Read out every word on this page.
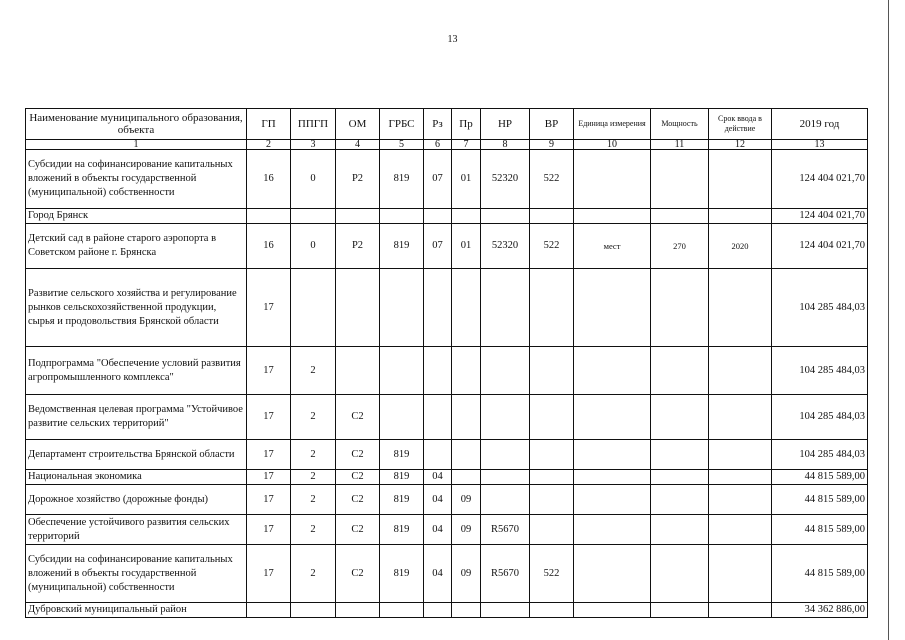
13
Наименование муниципального образования, объекта	ГП	ППГП	ОМ	ГРБС	Рз	Пр	НР	ВР	Единица измерения	Мощность	Срок ввода в действие	2019 год
1	2	3	4	5	6	7	8	9	10	11	12	13
Субсидии на софинансирование капитальных вложений в объекты государственной (муниципальной) собственности	16	0	Р2	819	07	01	52320	522				124 404 021,70
Город Брянск												124 404 021,70
Детский сад в районе старого аэропорта в Советском районе г. Брянска	16	0	Р2	819	07	01	52320	522	мест	270	2020	124 404 021,70
Развитие сельского хозяйства и регулирование рынков сельскохозяйственной продукции, сырья и продовольствия Брянской области	17											104 285 484,03
Подпрограмма "Обеспечение условий развития агропромышленного комплекса"	17	2										104 285 484,03
Ведомственная целевая программа "Устойчивое развитие сельских территорий"	17	2	С2									104 285 484,03
Департамент строительства Брянской области	17	2	С2	819								104 285 484,03
Национальная экономика	17	2	С2	819	04							44 815 589,00
Дорожное хозяйство (дорожные фонды)	17	2	С2	819	04	09						44 815 589,00
Обеспечение устойчивого развития сельских территорий	17	2	С2	819	04	09	R5670					44 815 589,00
Субсидии на софинансирование капитальных вложений в объекты государственной (муниципальной) собственности	17	2	С2	819	04	09	R5670	522				44 815 589,00
Дубровский муниципальный район												34 362 886,00
